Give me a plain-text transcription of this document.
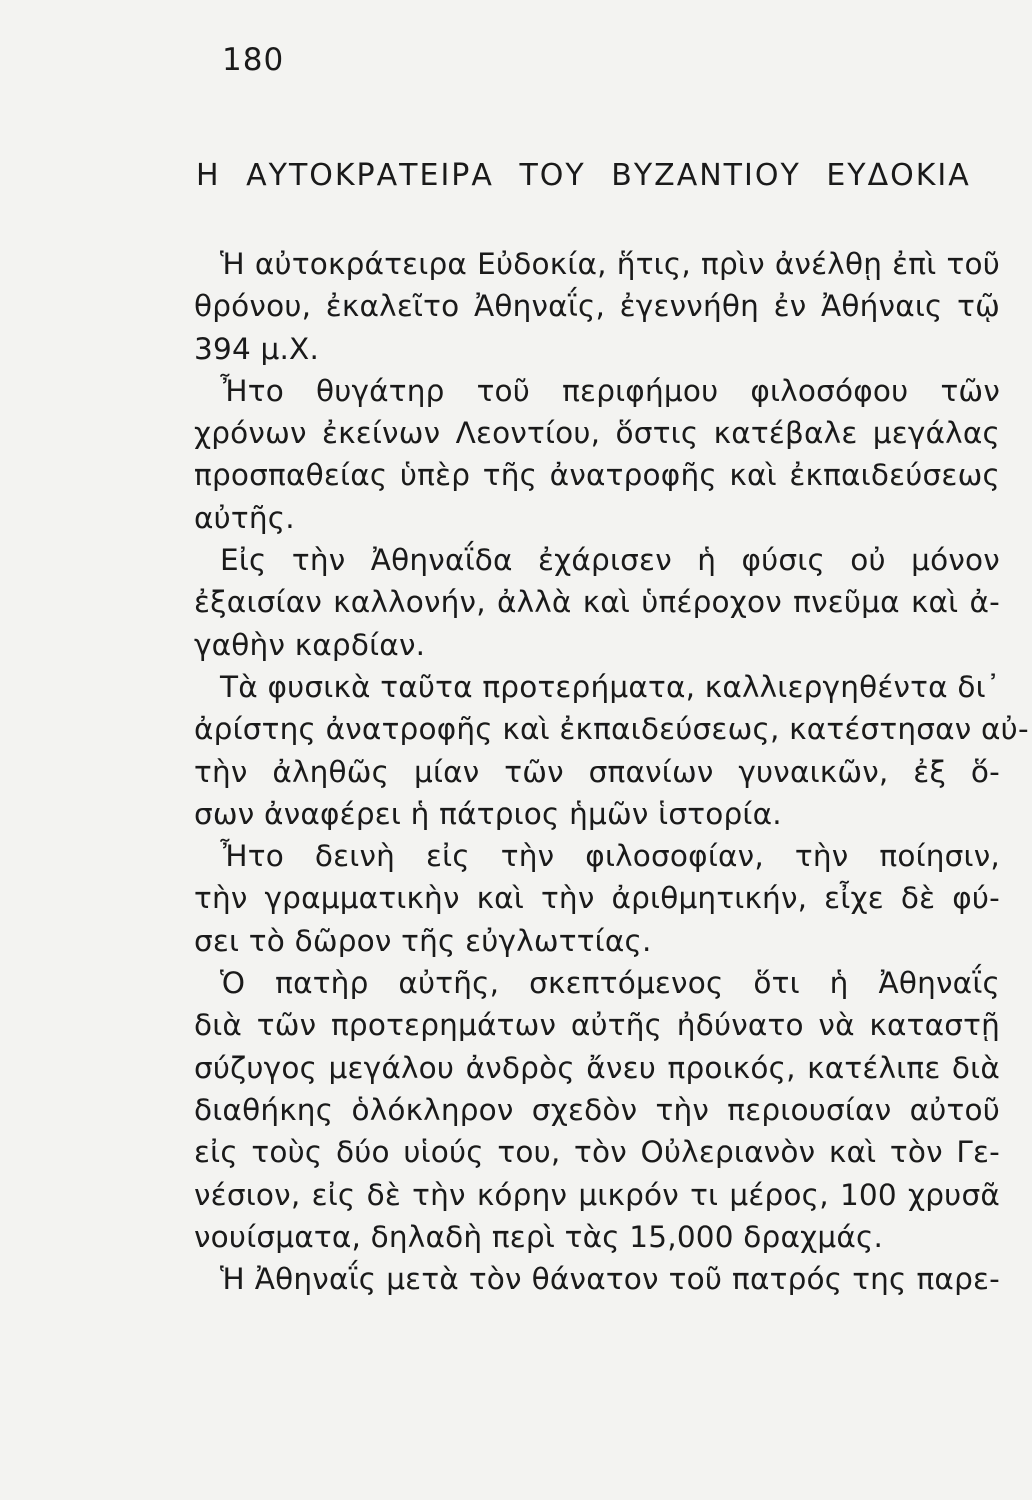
180
Η ΑΥΤΟΚΡΑΤΕΙΡΑ ΤΟΥ ΒΥΖΑΝΤΙΟΥ ΕΥΔΟΚΙΑ
Ἡ αὐτοκράτειρα Εὐδοκία, ἥτις, πρὶν ἀνέλθῃ ἐπὶ τοῦ
θρόνου, ἐκαλεῖτο Ἀθηναΐς, ἐγεννήθη ἐν Ἀθήναις τῷ
394 μ.Χ.
Ἦτο θυγάτηρ τοῦ περιφήμου φιλοσόφου τῶν
χρόνων ἐκείνων Λεοντίου, ὅστις κατέβαλε μεγάλας
προσπαθείας ὑπὲρ τῆς ἀνατροφῆς καὶ ἐκπαιδεύσεως
αὐτῆς.
Εἰς τὴν Ἀθηναΐδα ἐχάρισεν ἡ φύσις οὐ μόνον
ἐξαισίαν καλλονήν, ἀλλὰ καὶ ὑπέροχον πνεῦμα καὶ ἀ-
γαθὴν καρδίαν.
Τὰ φυσικὰ ταῦτα προτερήματα, καλλιεργηθέντα δι᾽
ἀρίστης ἀνατροφῆς καὶ ἐκπαιδεύσεως, κατέστησαν αὐ-
τὴν ἀληθῶς μίαν τῶν σπανίων γυναικῶν, ἐξ ὅ-
σων ἀναφέρει ἡ πάτριος ἡμῶν ἱστορία.
Ἦτο δεινὴ εἰς τὴν φιλοσοφίαν, τὴν ποίησιν,
τὴν γραμματικὴν καὶ τὴν ἀριθμητικήν, εἶχε δὲ φύ-
σει τὸ δῶρον τῆς εὐγλωττίας.
Ὁ πατὴρ αὐτῆς, σκεπτόμενος ὅτι ἡ Ἀθηναΐς
διὰ τῶν προτερημάτων αὐτῆς ἠδύνατο νὰ καταστῇ
σύζυγος μεγάλου ἀνδρὸς ἄνευ προικός, κατέλιπε διὰ
διαθήκης ὁλόκληρον σχεδὸν τὴν περιουσίαν αὐτοῦ
εἰς τοὺς δύο υἱούς του, τὸν Οὐλεριανὸν καὶ τὸν Γε-
νέσιον, εἰς δὲ τὴν κόρην μικρόν τι μέρος, 100 χρυσᾶ
νουίσματα, δηλαδὴ περὶ τὰς 15,000 δραχμάς.
Ἡ Ἀθηναΐς μετὰ τὸν θάνατον τοῦ πατρός της παρε-
